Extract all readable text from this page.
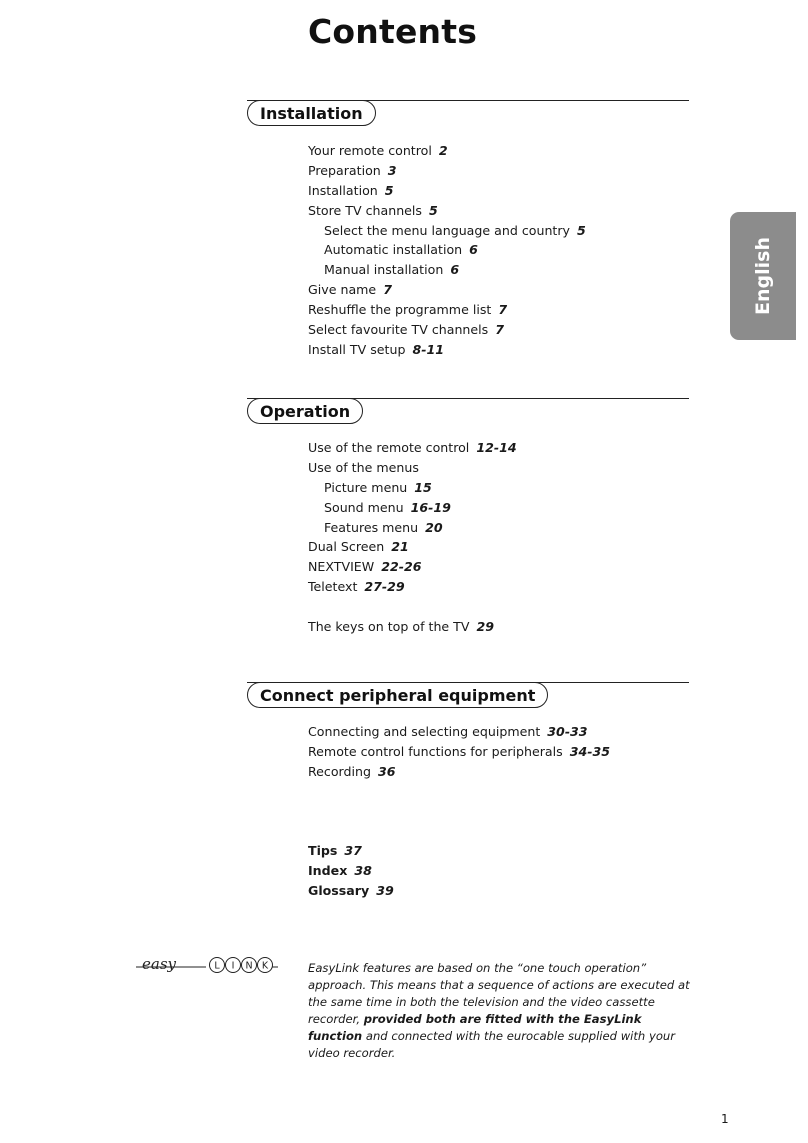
Contents
English
Installation
Your remote control 2
Preparation 3
Installation 5
Store TV channels 5
Select the menu language and country 5
Automatic installation 6
Manual installation 6
Give name 7
Reshuffle the programme list 7
Select favourite TV channels 7
Install TV setup 8-11
Operation
Use of the remote control 12-14
Use of the menus
Picture menu 15
Sound menu 16-19
Features menu 20
Dual Screen 21
NEXTVIEW 22-26
Teletext 27-29
The keys on top of the TV 29
Connect peripheral equipment
Connecting and selecting equipment 30-33
Remote control functions for peripherals 34-35
Recording 36
Tips 37
Index 38
Glossary 39
easy	L I N K	EasyLink features are based on the “one touch operation” approach. This means that a sequence of actions are executed at the same time in both the television and the video cassette recorder, provided both are fitted with the EasyLink function and connected with the eurocable supplied with your video recorder.

1
